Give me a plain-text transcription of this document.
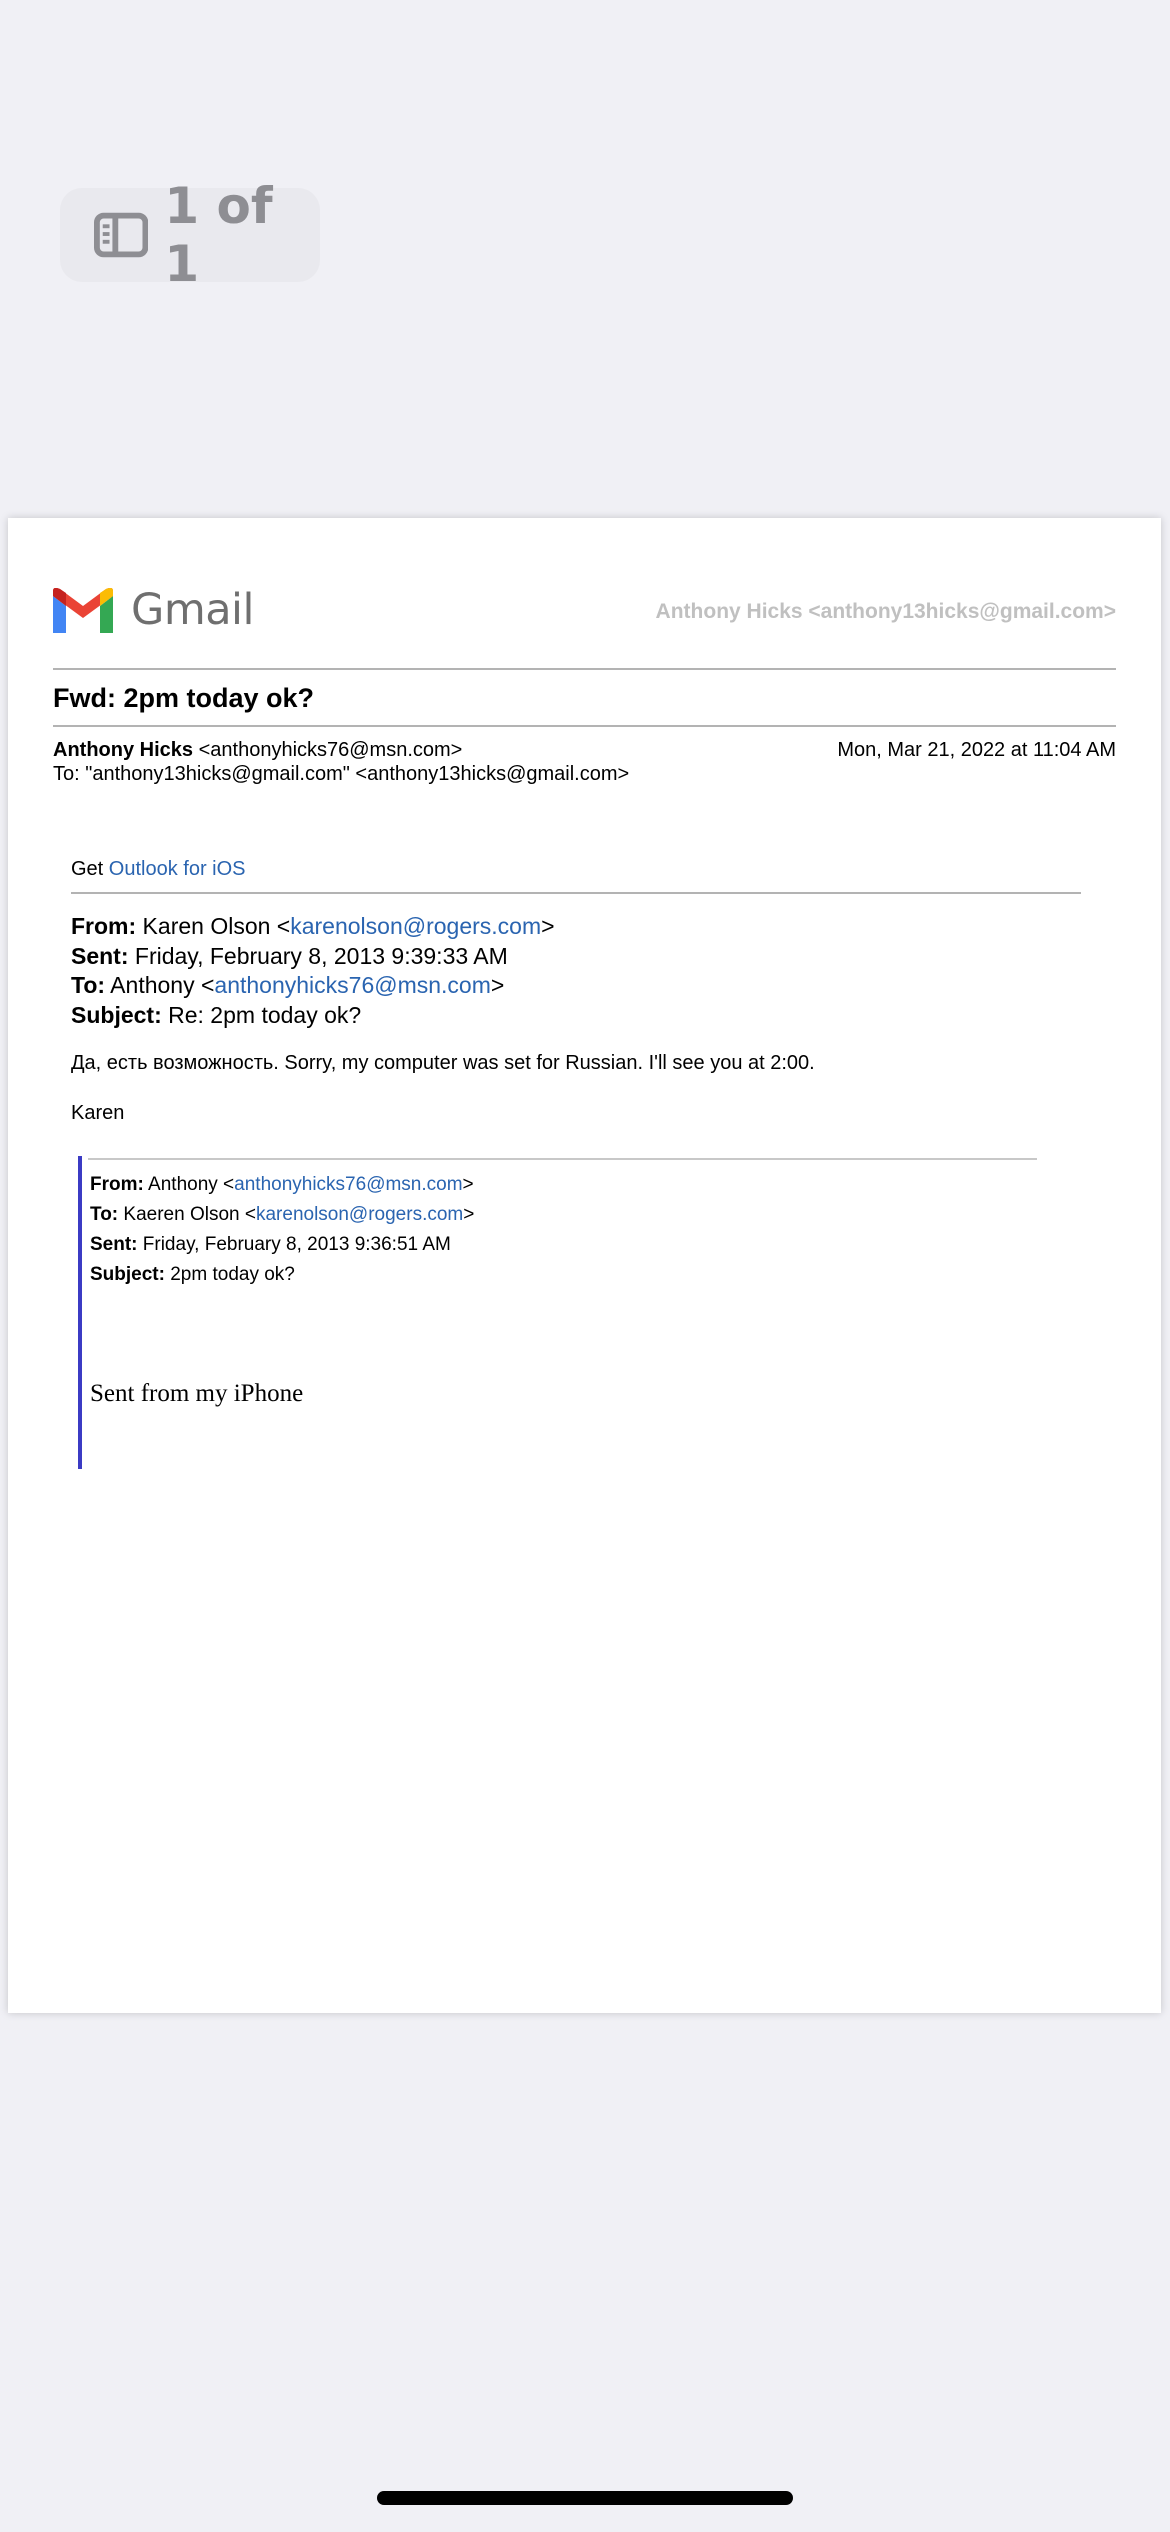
1 of 1
Gmail	Anthony Hicks <anthony13hicks@gmail.com>
Fwd: 2pm today ok?
Anthony Hicks <anthonyhicks76@msn.com>	Mon, Mar 21, 2022 at 11:04 AM
To: "anthony13hicks@gmail.com" <anthony13hicks@gmail.com>
Get Outlook for iOS
From: Karen Olson <karenolson@rogers.com>
Sent: Friday, February 8, 2013 9:39:33 AM
To: Anthony <anthonyhicks76@msn.com>
Subject: Re: 2pm today ok?
Да, есть возможность. Sorry, my computer was set for Russian. I'll see you at 2:00.
Karen
From: Anthony <anthonyhicks76@msn.com>
To: Kaeren Olson <karenolson@rogers.com>
Sent: Friday, February 8, 2013 9:36:51 AM
Subject: 2pm today ok?
Sent from my iPhone
